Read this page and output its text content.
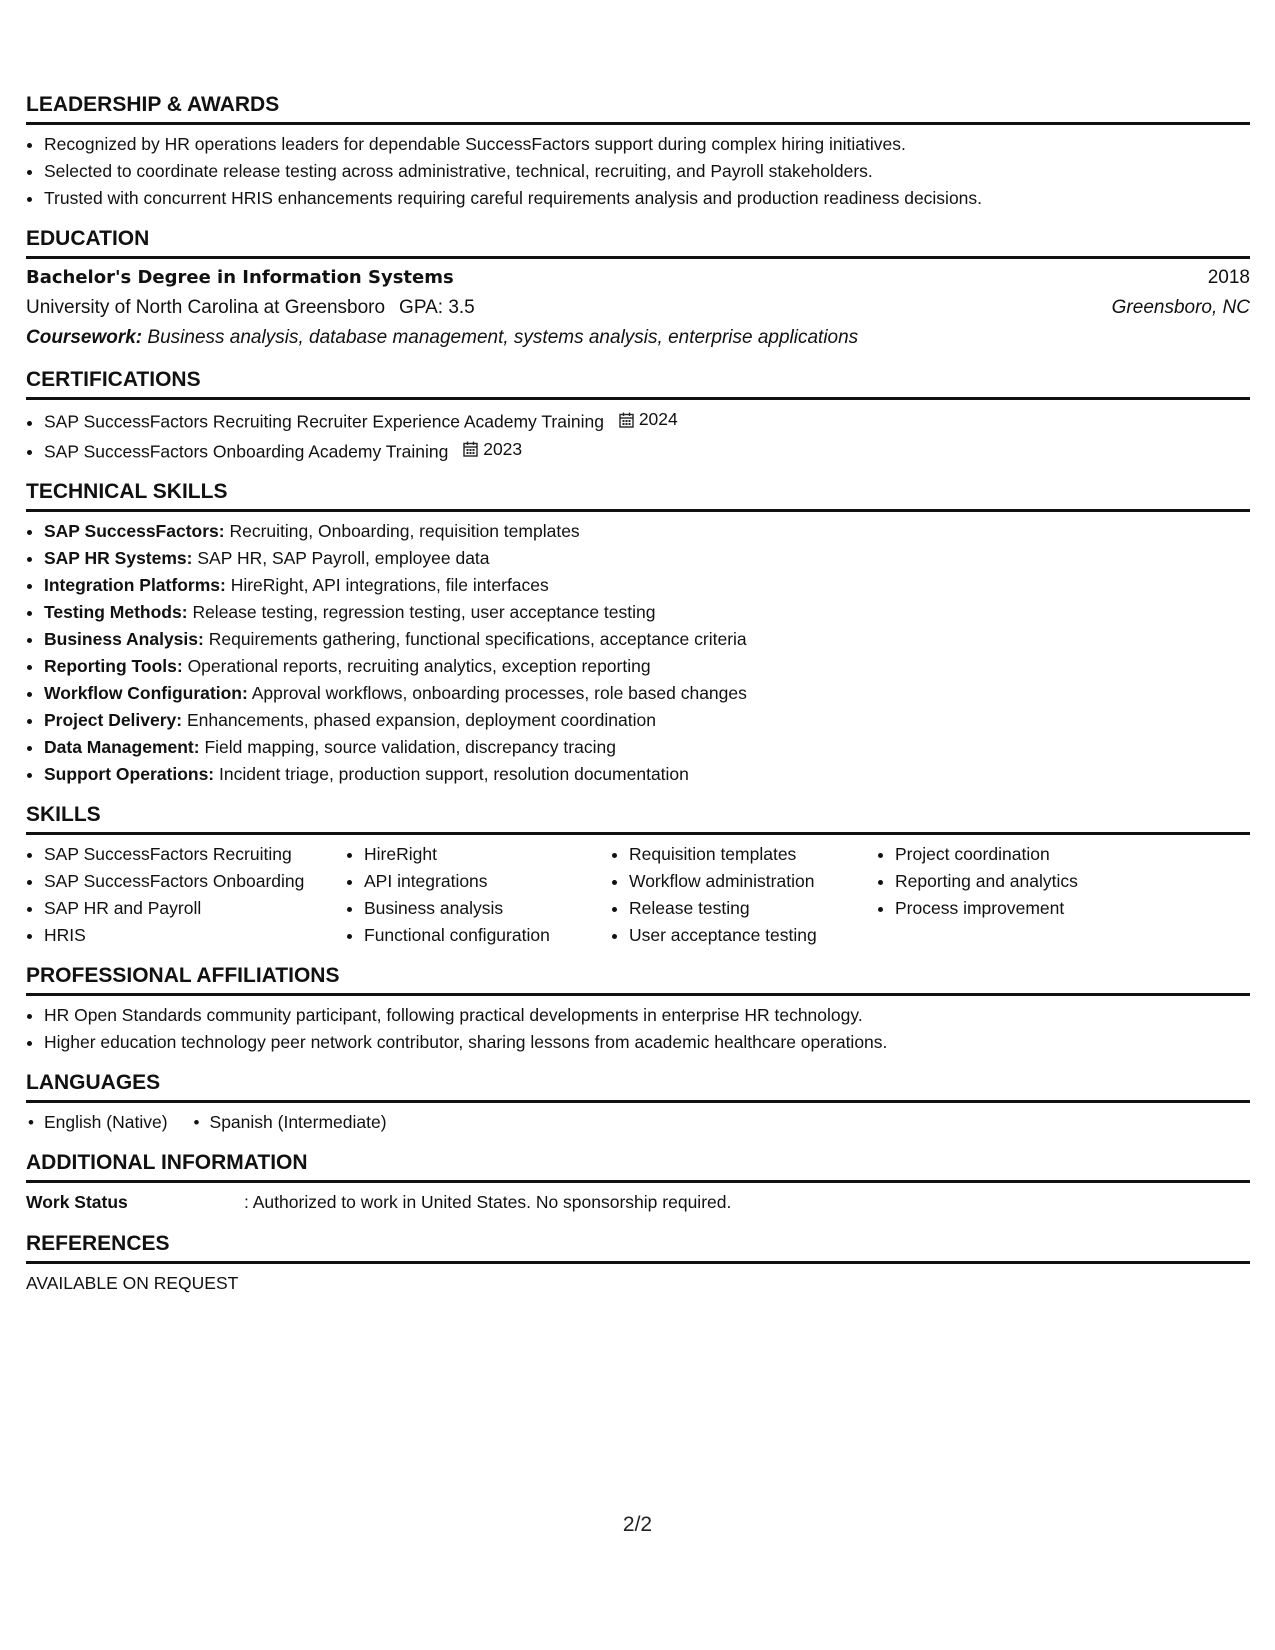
LEADERSHIP & AWARDS
• Recognized by HR operations leaders for dependable SuccessFactors support during complex hiring initiatives.
• Selected to coordinate release testing across administrative, technical, recruiting, and Payroll stakeholders.
• Trusted with concurrent HRIS enhancements requiring careful requirements analysis and production readiness decisions.
EDUCATION
Bachelor's Degree in Information Systems	2018
University of North Carolina at Greensboro GPA: 3.5	Greensboro, NC
Coursework: Business analysis, database management, systems analysis, enterprise applications
CERTIFICATIONS
• SAP SuccessFactors Recruiting Recruiter Experience Academy Training 2024
• SAP SuccessFactors Onboarding Academy Training 2023
TECHNICAL SKILLS
• SAP SuccessFactors: Recruiting, Onboarding, requisition templates
• SAP HR Systems: SAP HR, SAP Payroll, employee data
• Integration Platforms: HireRight, API integrations, file interfaces
• Testing Methods: Release testing, regression testing, user acceptance testing
• Business Analysis: Requirements gathering, functional specifications, acceptance criteria
• Reporting Tools: Operational reports, recruiting analytics, exception reporting
• Workflow Configuration: Approval workflows, onboarding processes, role based changes
• Project Delivery: Enhancements, phased expansion, deployment coordination
• Data Management: Field mapping, source validation, discrepancy tracing
• Support Operations: Incident triage, production support, resolution documentation
SKILLS
• SAP SuccessFactors Recruiting
• SAP SuccessFactors Onboarding
• SAP HR and Payroll
• HRIS
• HireRight
• API integrations
• Business analysis
• Functional configuration
• Requisition templates
• Workflow administration
• Release testing
• User acceptance testing
• Project coordination
• Reporting and analytics
• Process improvement
PROFESSIONAL AFFILIATIONS
• HR Open Standards community participant, following practical developments in enterprise HR technology.
• Higher education technology peer network contributor, sharing lessons from academic healthcare operations.
LANGUAGES
• English (Native)
•	Spanish (Intermediate)
ADDITIONAL INFORMATION
Work Status	: Authorized to work in United States. No sponsorship required.
REFERENCES
AVAILABLE ON REQUEST
2/2
